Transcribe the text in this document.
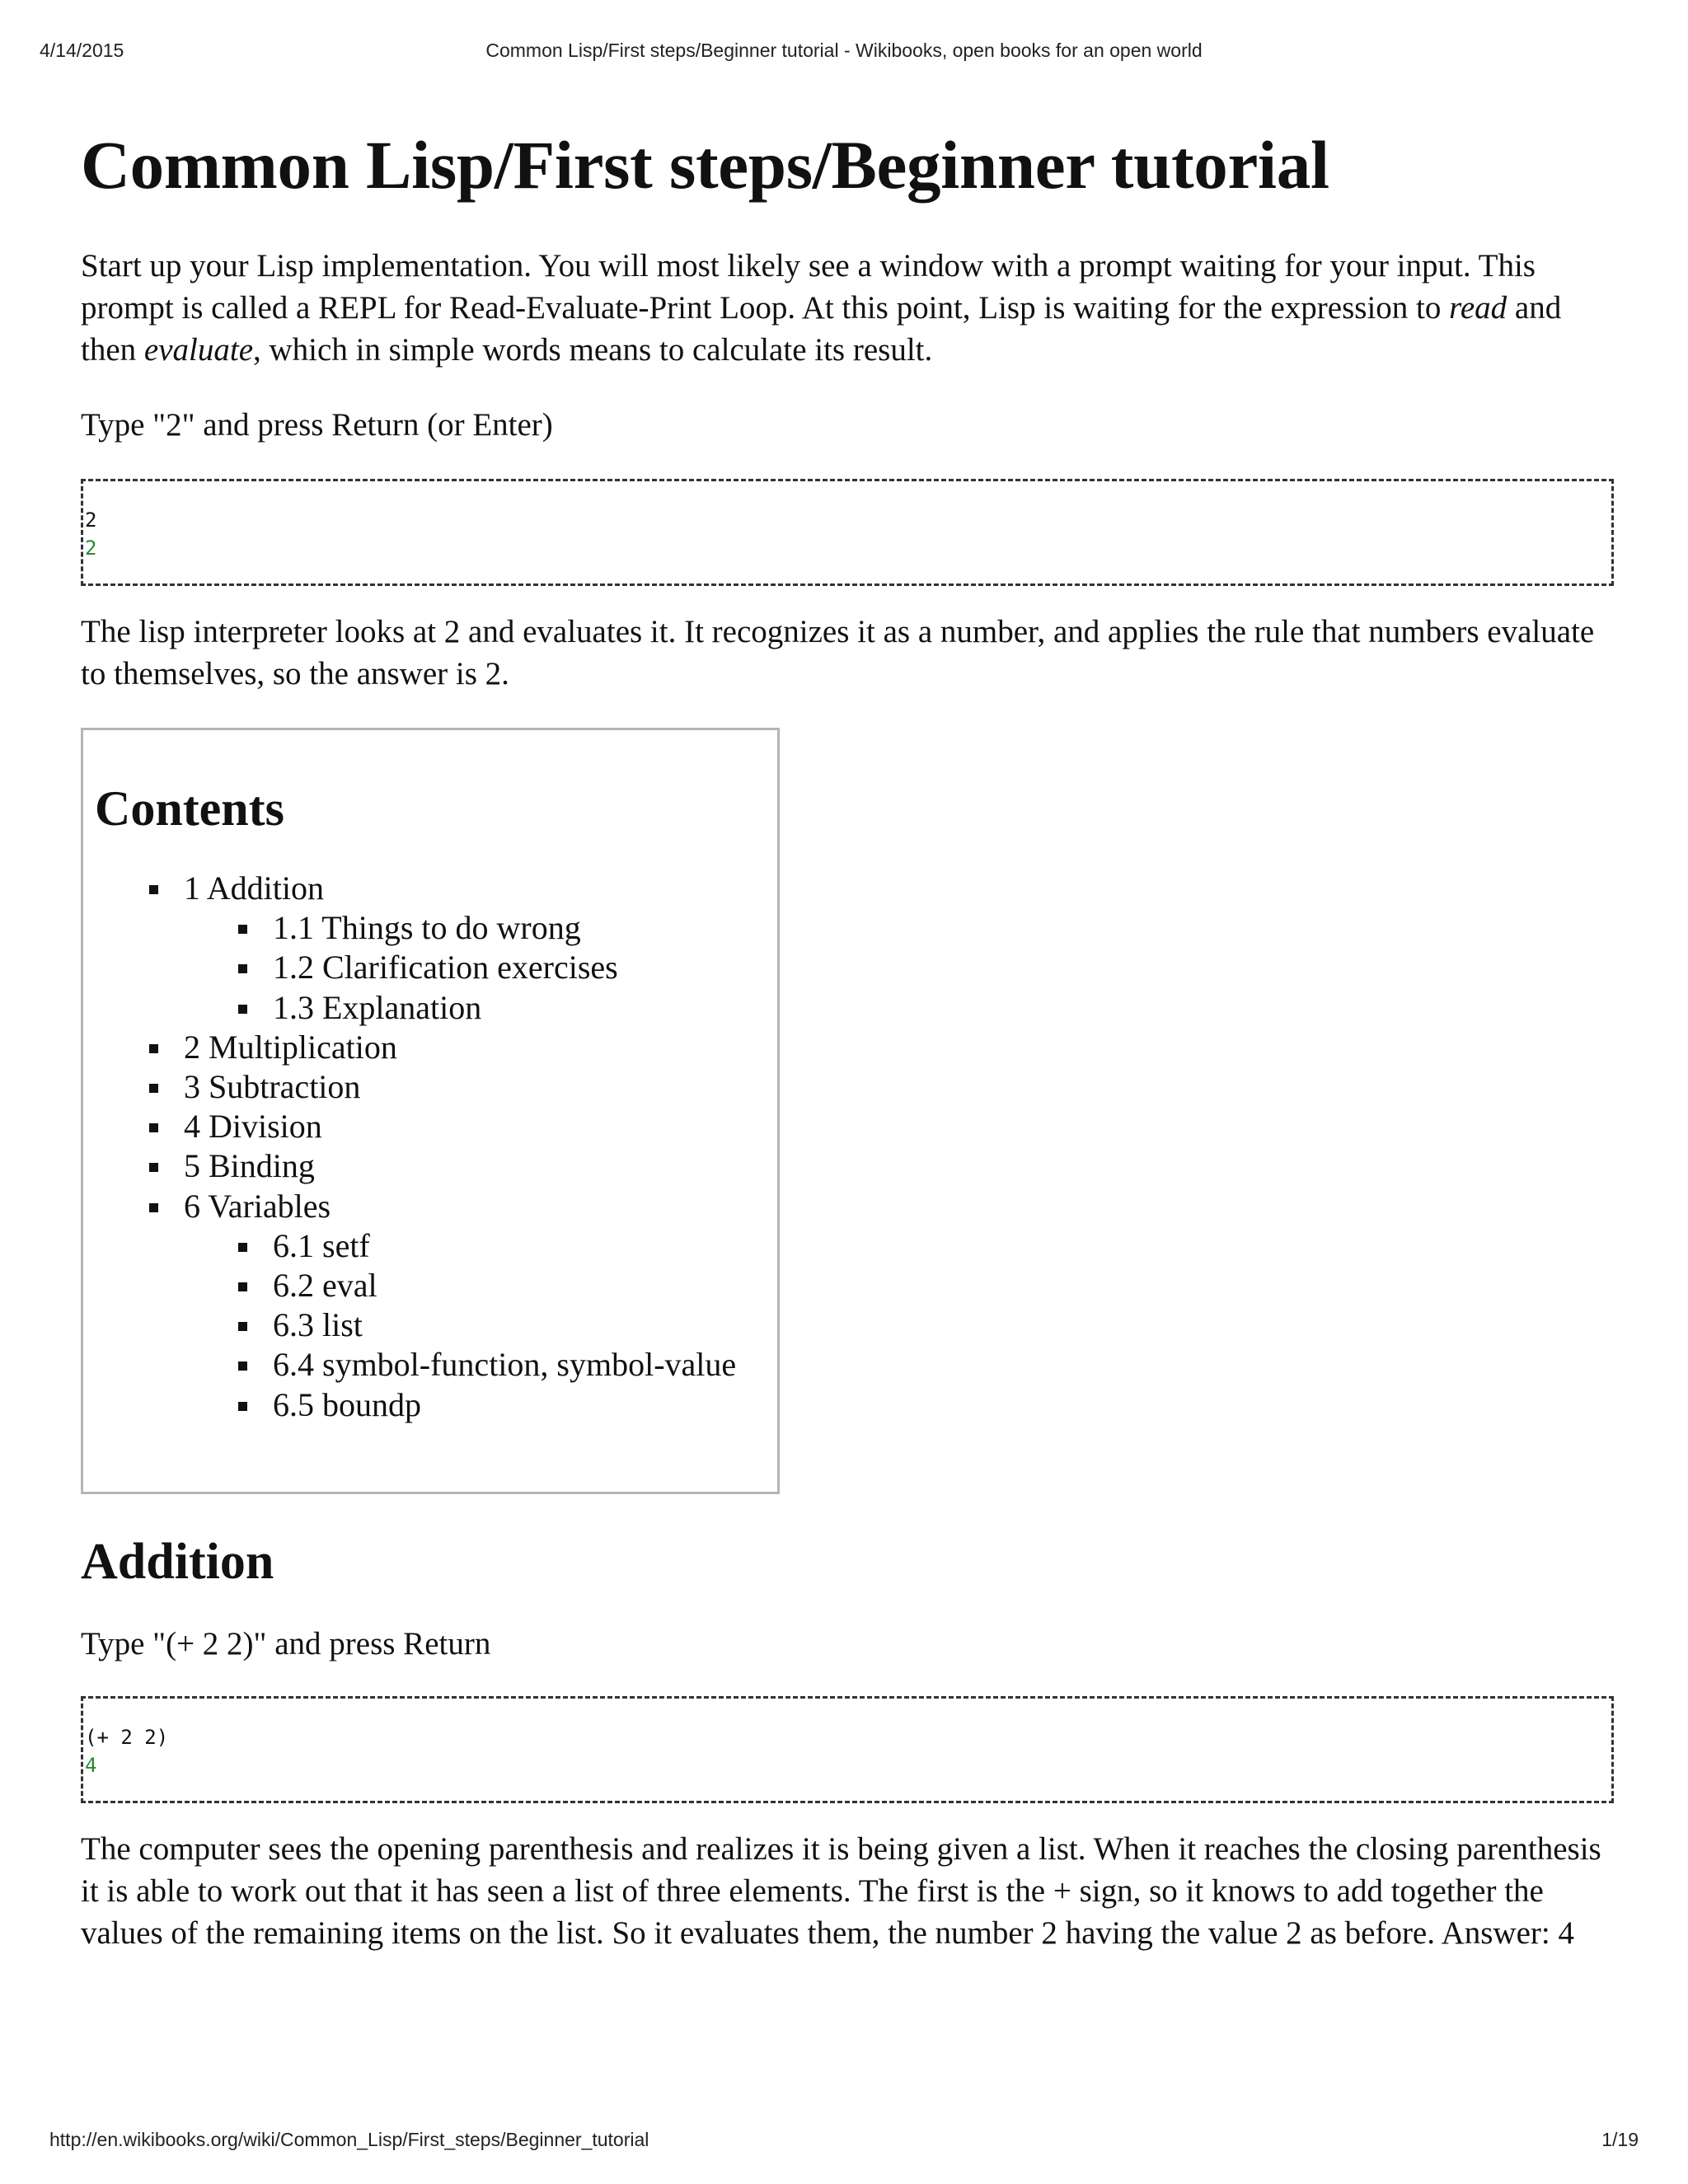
4/14/2015	Common Lisp/First steps/Beginner tutorial - Wikibooks, open books for an open world
Common Lisp/First steps/Beginner tutorial

Start up your Lisp implementation. You will most likely see a window with a prompt waiting for your input. This prompt is called a REPL for Read-Evaluate-Print Loop. At this point, Lisp is waiting for the expression to read and then evaluate, which in simple words means to calculate its result.

Type "2" and press Return (or Enter)

2
2

The lisp interpreter looks at 2 and evaluates it. It recognizes it as a number, and applies the rule that numbers evaluate to themselves, so the answer is 2.

Contents
1 Addition
1.1 Things to do wrong
1.2 Clarification exercises
1.3 Explanation
2 Multiplication
3 Subtraction
4 Division
5 Binding
6 Variables
6.1 setf
6.2 eval
6.3 list
6.4 symbol-function, symbol-value
6.5 boundp
Addition

Type "(+ 2 2)" and press Return

(+ 2 2)
4

The computer sees the opening parenthesis and realizes it is being given a list. When it reaches the closing parenthesis it is able to work out that it has seen a list of three elements. The first is the + sign, so it knows to add together the values of the remaining items on the list. So it evaluates them, the number 2 having the value 2 as before. Answer: 4

http://en.wikibooks.org/wiki/Common_Lisp/First_steps/Beginner_tutorial	1/19
